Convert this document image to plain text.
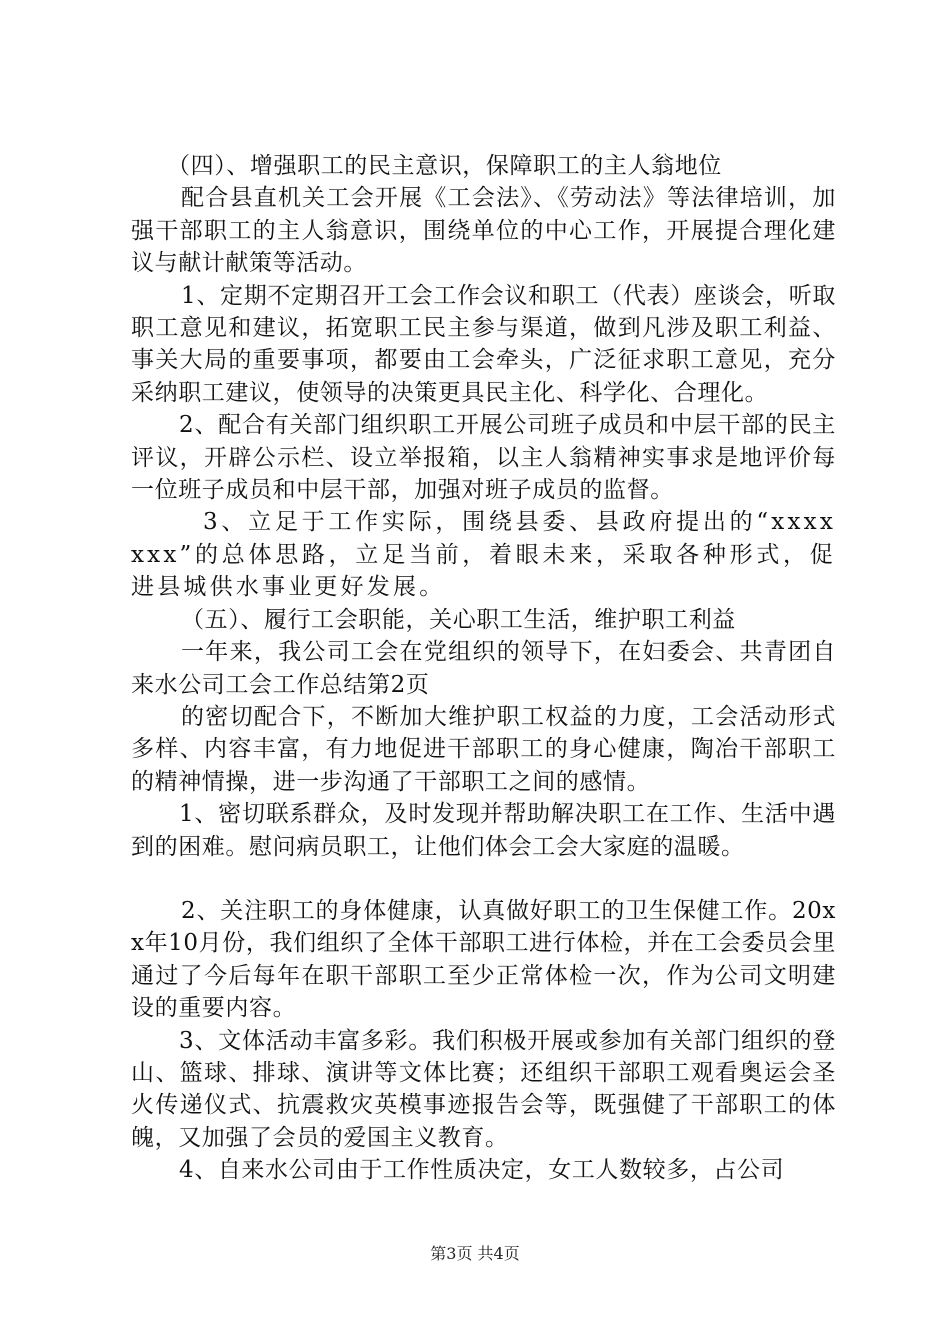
（四）、增强职工的民主意识，保障职工的主人翁地位

配合县直机关工会开展《工会法》、《劳动法》等法律培训，加强干部职工的主人翁意识，围绕单位的中心工作，开展提合理化建议与献计献策等活动。

1、定期不定期召开工会工作会议和职工（代表）座谈会，听取职工意见和建议，拓宽职工民主参与渠道，做到凡涉及职工利益、事关大局的重要事项，都要由工会牵头，广泛征求职工意见，充分采纳职工建议，使领导的决策更具民主化、科学化、合理化。

2、配合有关部门组织职工开展公司班子成员和中层干部的民主评议，开辟公示栏、设立举报箱，以主人翁精神实事求是地评价每一位班子成员和中层干部，加强对班子成员的监督。

3、立足于工作实际，围绕县委、县政府提出的“xxxxxxx”的总体思路，立足当前，着眼未来，采取各种形式，促进县城供水事业更好发展。

（五）、履行工会职能，关心职工生活，维护职工利益

一年来，我公司工会在党组织的领导下，在妇委会、共青团自来水公司工会工作总结第2页

的密切配合下，不断加大维护职工权益的力度，工会活动形式多样、内容丰富，有力地促进干部职工的身心健康，陶冶干部职工的精神情操，进一步沟通了干部职工之间的感情。

1、密切联系群众，及时发现并帮助解决职工在工作、生活中遇到的困难。慰问病员职工，让他们体会工会大家庭的温暖。

2、关注职工的身体健康，认真做好职工的卫生保健工作。20xx年10月份，我们组织了全体干部职工进行体检，并在工会委员会里通过了今后每年在职干部职工至少正常体检一次，作为公司文明建设的重要内容。

3、文体活动丰富多彩。我们积极开展或参加有关部门组织的登山、篮球、排球、演讲等文体比赛；还组织干部职工观看奥运会圣火传递仪式、抗震救灾英模事迹报告会等，既强健了干部职工的体魄，又加强了会员的爱国主义教育。

4、自来水公司由于工作性质决定，女工人数较多，占公司

第3页 共4页
